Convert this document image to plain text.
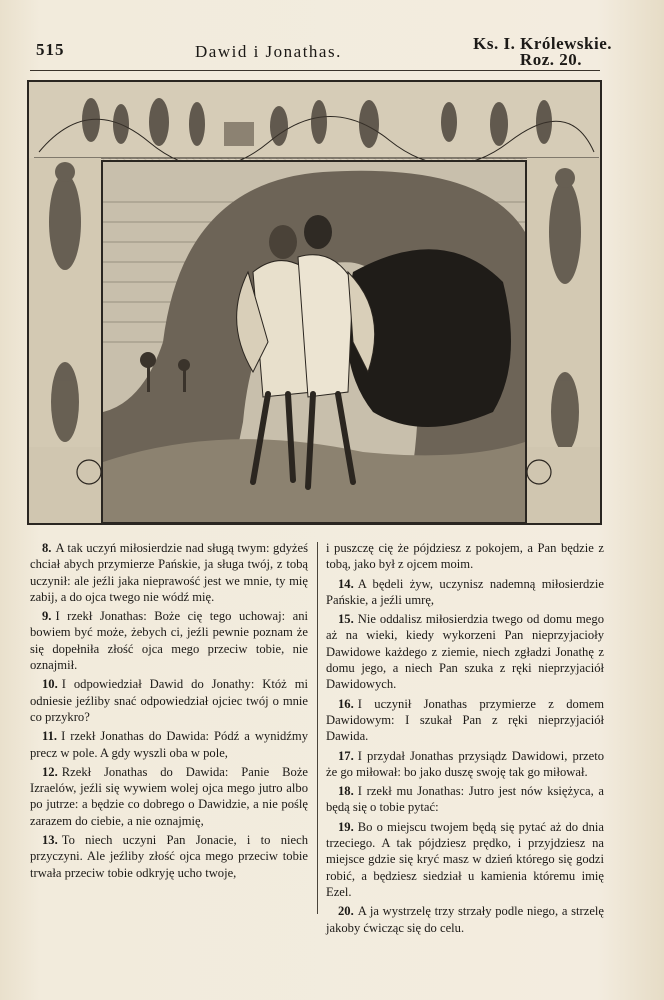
515	Dawid i Jonathas.	Ks. I. Królewskie.
Roz. 20.

8. A tak uczyń miłosierdzie nad sługą twym: gdyżeś chciał abych przymierze Pańskie, ja sługa twój, z tobą uczynił: ale jeźli jaka nieprawość jest we mnie, ty mię zabij, a do ojca twego nie wódź mię.

9. I rzekł Jonathas: Boże cię tego uchowaj: ani bowiem być może, żebych ci, jeźli pewnie poznam że się dopełniła złość ojca mego przeciw tobie, nie oznajmił.

10. I odpowiedział Dawid do Jonathy: Któż mi odniesie jeźliby snać odpowiedział ojciec twój o mnie co przykro?

11. I rzekł Jonathas do Dawida: Pódź a wynidźmy precz w pole. A gdy wyszli oba w pole,

12. Rzekł Jonathas do Dawida: Panie Boże Izraelów, jeźli się wywiem wolej ojca mego jutro albo po jutrze: a będzie co dobrego o Dawidzie, a nie poślę zarazem do ciebie, a nie oznajmię,

13. To niech uczyni Pan Jonacie, i to niech przyczyni. Ale jeźliby złość ojca mego przeciw tobie trwała przeciw tobie odkryję ucho twoje,

i puszczę cię że pójdziesz z pokojem, a Pan będzie z tobą, jako był z ojcem moim.

14. A będeli żyw, uczynisz nademną miłosierdzie Pańskie, a jeźli umrę,

15. Nie oddalisz miłosierdzia twego od domu mego aż na wieki, kiedy wykorzeni Pan nieprzyjacioły Dawidowe każdego z ziemie, niech zgładzi Jonathę z domu jego, a niech Pan szuka z ręki nieprzyjaciół Dawidowych.

16. I uczynił Jonathas przymierze z domem Dawidowym: I szukał Pan z ręki nieprzyjaciół Dawida.

17. I przydał Jonathas przysiądz Dawidowi, przeto że go miłował: bo jako duszę swoję tak go miłował.

18. I rzekł mu Jonathas: Jutro jest nów księżyca, a będą się o tobie pytać:

19. Bo o miejscu twojem będą się pytać aż do dnia trzeciego. A tak pójdziesz prędko, i przyjdziesz na miejsce gdzie się kryć masz w dzień którego się godzi robić, a będziesz siedział u kamienia któremu imię Ezel.

20. A ja wystrzelę trzy strzały podle niego, a strzelę jakoby ćwicząc się do celu.
